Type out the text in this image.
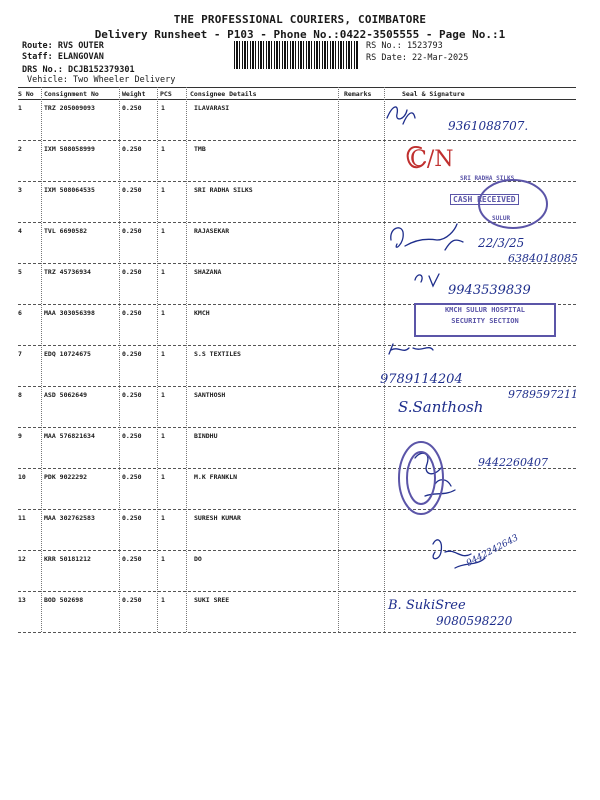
THE PROFESSIONAL COURIERS, COIMBATORE
Delivery Runsheet - P103 - Phone No.:0422-3505555 - Page No.:1
Route: RVS OUTER
Staff: ELANGOVAN
DRS No.: DCJB152379301
Vehicle: Two Wheeler Delivery
RS No.: 1523793
RS Date: 22-Mar-2025
S No Consignment No	Weight PCS	Consignee Details	Remarks	Seal & Signature
1	TRZ 205009093	0.250	1	ILAVARASI
2	IXM 508058999	0.250	1	TMB
3	IXM 508064535	0.250	1	SRI RADHA SILKS
4	TVL 6690582	0.250	1	RAJASEKAR
5	TRZ 45736934	0.250	1	SHAZANA
6	MAA 303056398	0.250	1	KMCH
7	EDQ 10724675	0.250	1	S.S TEXTILES
8	ASD 5062649	0.250	1	SANTHOSH
9	MAA 576821634	0.250	1	BINDHU
10	PDK 9022292	0.250	1	M.K FRANKLN
11	MAA 302762583	0.250	1	SURESH KUMAR
12	KRR 50181212	0.250	1	DO
13	BOD 502698	0.250	1	SUKI SREE
9361088707.
C/N
SRI RADHA SILKS
CASH RECEIVED
SULUR
22/3/25
6384018085
9943539839
KMCH SULUR HOSPITAL
SECURITY SECTION
9789114204
S.Santhosh
9789597211
9442260407
9442242643
B. SukiSree
9080598220
